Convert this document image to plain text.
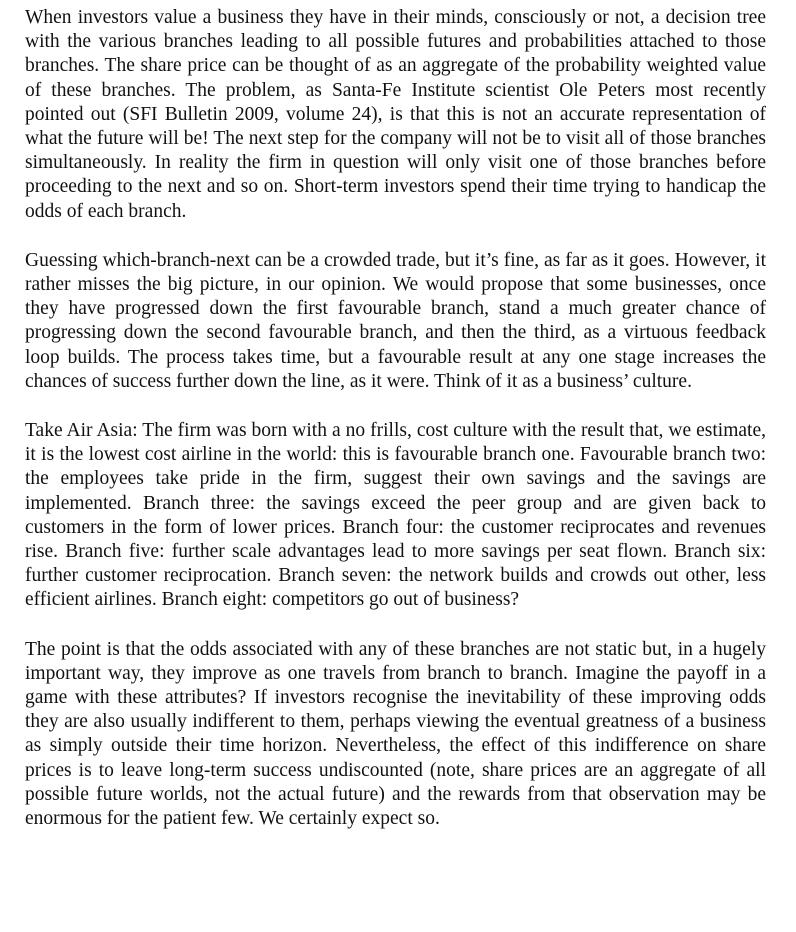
When investors value a business they have in their minds, consciously or not, a decision tree with the various branches leading to all possible futures and probabilities attached to those branches. The share price can be thought of as an aggregate of the probability weighted value of these branches. The problem, as Santa-Fe Institute scientist Ole Peters most recently pointed out (SFI Bulletin 2009, volume 24), is that this is not an accurate representation of what the future will be! The next step for the company will not be to visit all of those branches simultaneously. In reality the firm in question will only visit one of those branches before proceeding to the next and so on. Short-term investors spend their time trying to handicap the odds of each branch.

Guessing which-branch-next can be a crowded trade, but it’s fine, as far as it goes. However, it rather misses the big picture, in our opinion. We would propose that some businesses, once they have progressed down the first favourable branch, stand a much greater chance of progressing down the second favourable branch, and then the third, as a virtuous feedback loop builds. The process takes time, but a favourable result at any one stage increases the chances of success further down the line, as it were. Think of it as a business’ culture.

Take Air Asia: The firm was born with a no frills, cost culture with the result that, we estimate, it is the lowest cost airline in the world: this is favourable branch one. Favourable branch two: the employees take pride in the firm, suggest their own savings and the savings are implemented. Branch three: the savings exceed the peer group and are given back to customers in the form of lower prices. Branch four: the customer reciprocates and revenues rise. Branch five: further scale advantages lead to more savings per seat flown. Branch six: further customer reciprocation. Branch seven: the network builds and crowds out other, less efficient airlines. Branch eight: competitors go out of business?

The point is that the odds associated with any of these branches are not static but, in a hugely important way, they improve as one travels from branch to branch. Imagine the payoff in a game with these attributes? If investors recognise the inevitability of these improving odds they are also usually indifferent to them, perhaps viewing the eventual greatness of a business as simply outside their time horizon. Nevertheless, the effect of this indifference on share prices is to leave long-term success undiscounted (note, share prices are an aggregate of all possible future worlds, not the actual future) and the rewards from that observation may be enormous for the patient few. We certainly expect so.
